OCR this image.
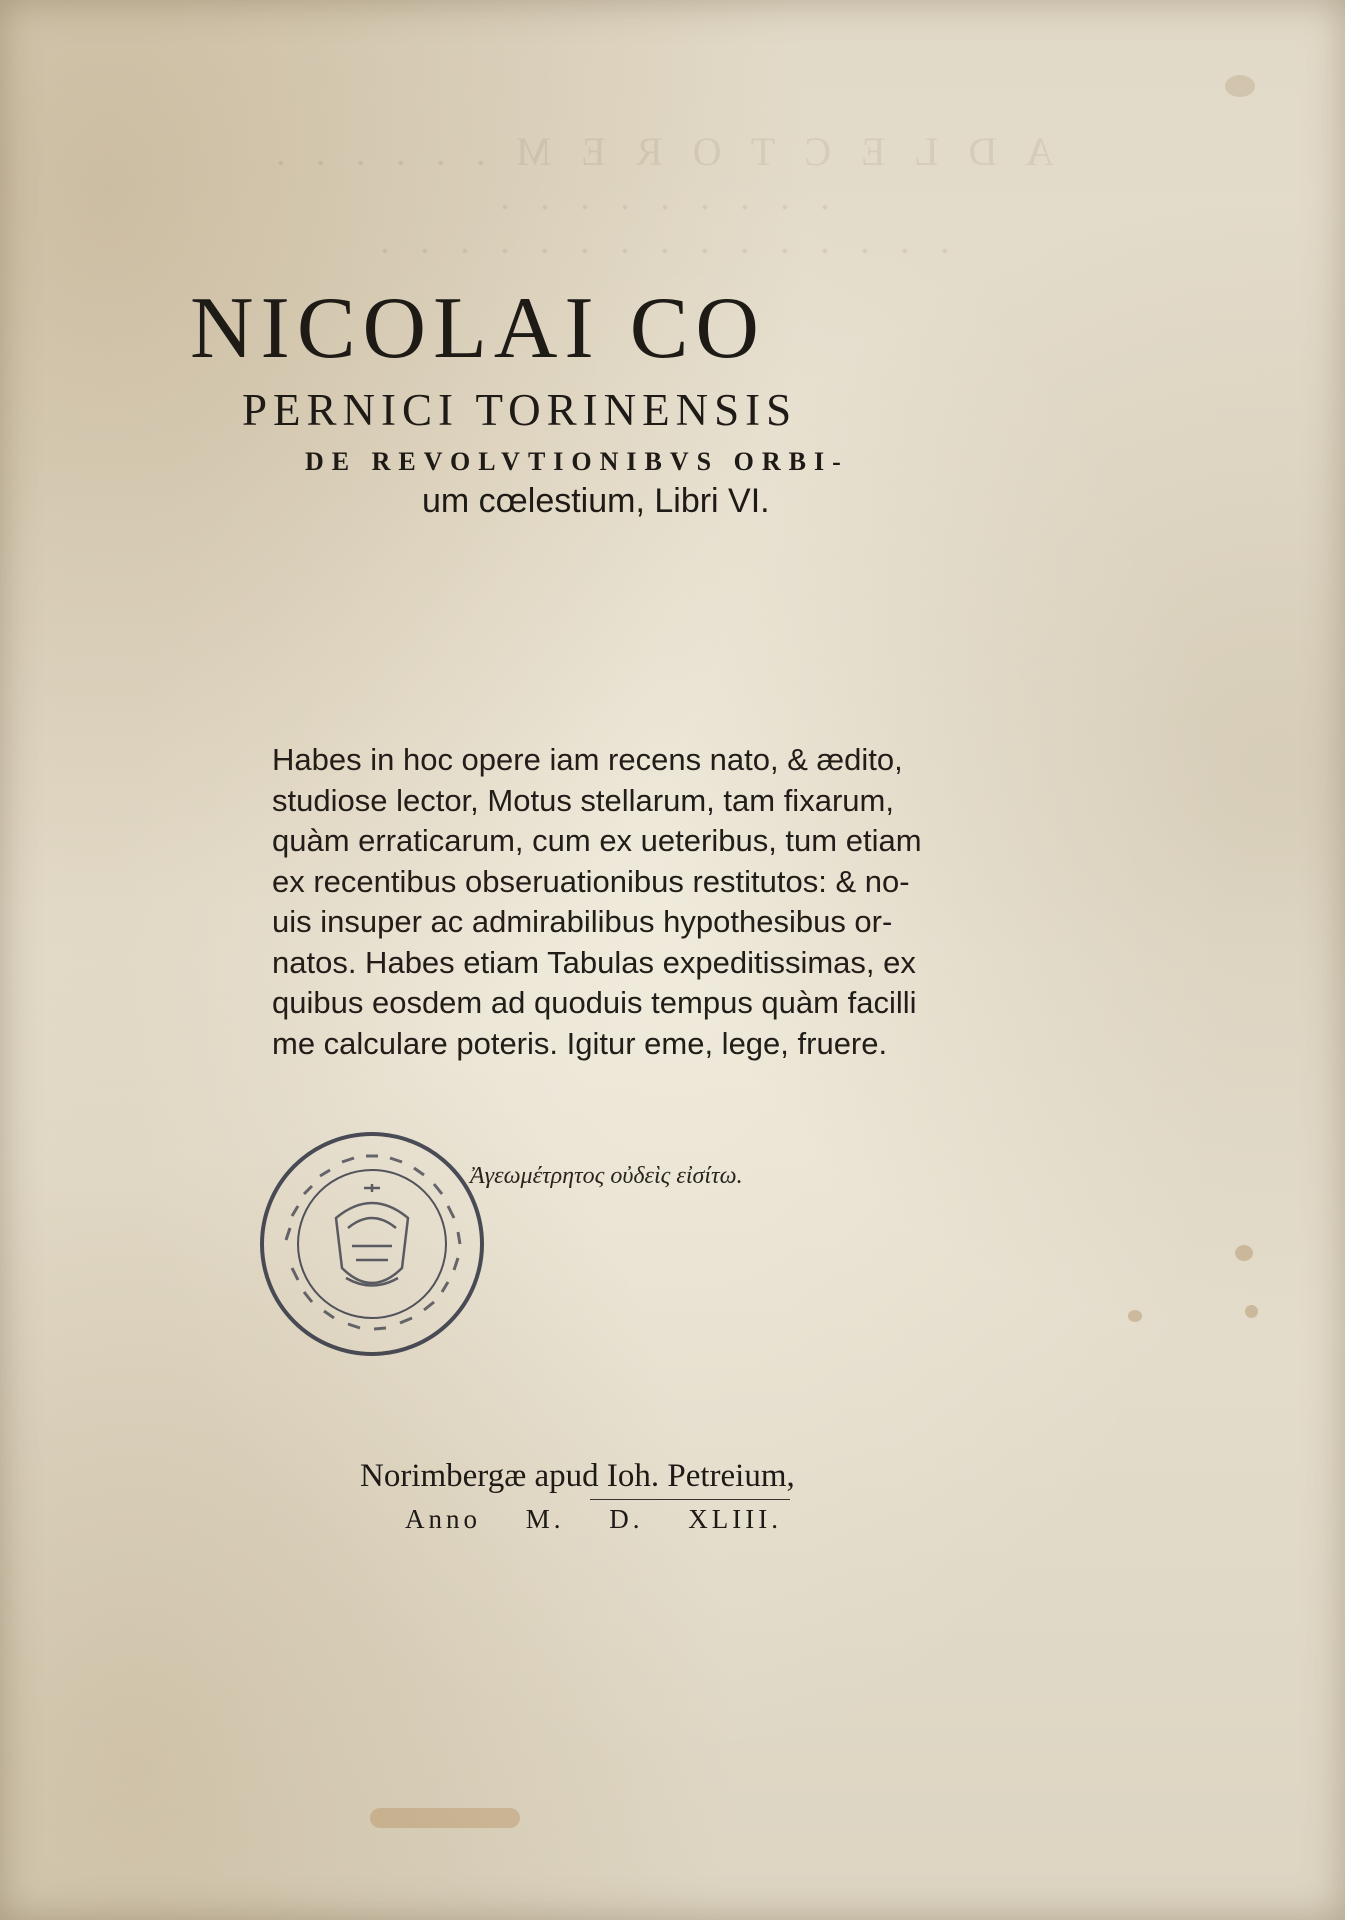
A D L E C T O R E M . . . . . . . . . . . . . . .
. . . . . . . . . . . . . . .
NICOLAI CO
PERNICI TORINENSIS
DE REVOLVTIONIBVS ORBI-
um cœlestium, Libri VI.
Habes in hoc opere iam recens nato, & ædito,
studiose lector, Motus stellarum, tam fixarum,
quàm erraticarum, cum ex ueteribus, tum etiam
ex recentibus obseruationibus restitutos: & no-
uis insuper ac admirabilibus hypothesibus or-
natos. Habes etiam Tabulas expeditissimas, ex
quibus eosdem ad quoduis tempus quàm facilli
me calculare poteris. Igitur eme, lege, fruere.
Ἀγεωμέτρητος οὐδεὶς εἰσίτω.
Norimbergæ apud Ioh. Petreium,
Anno M. D. XLIII.
